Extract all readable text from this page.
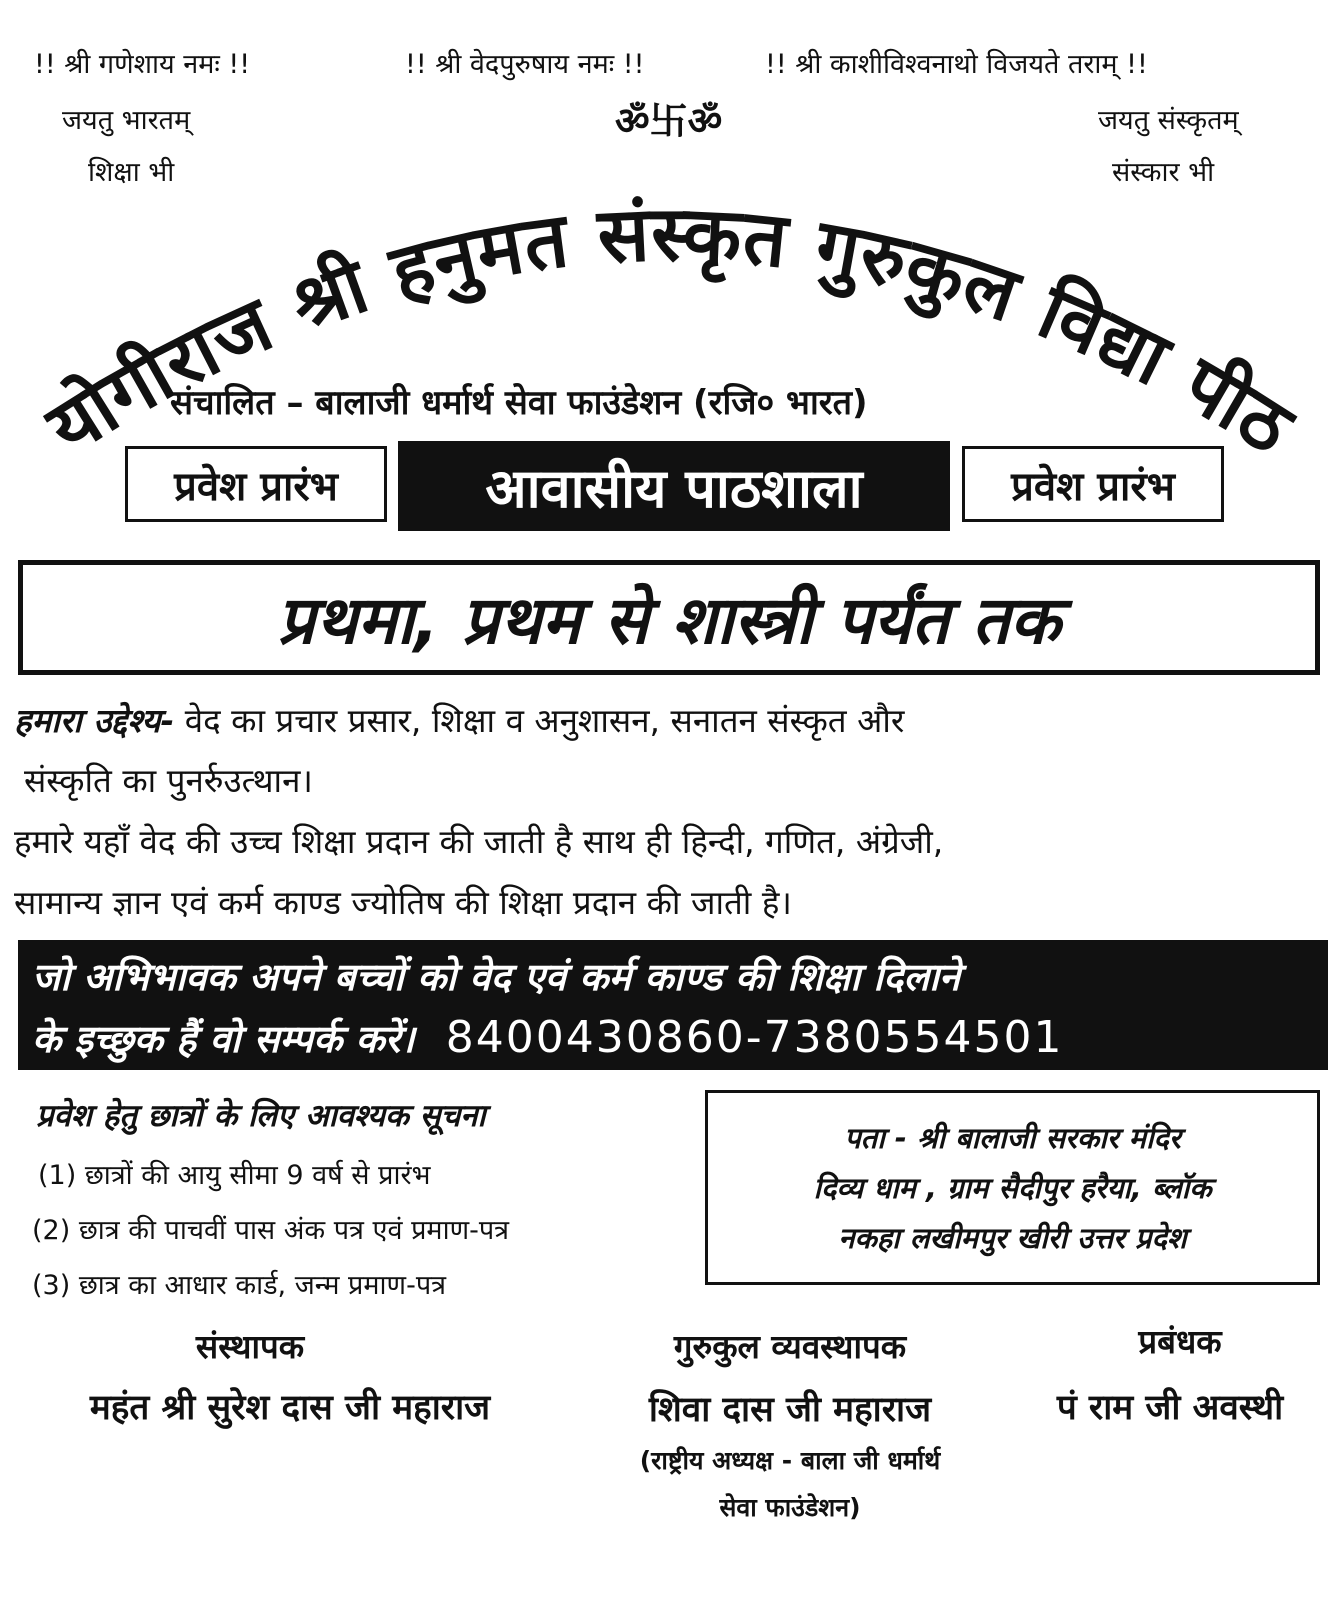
!! श्री गणेशाय नमः !!	!! श्री वेदपुरुषाय नमः !!	!! श्री काशीविश्वनाथो विजयते तराम् !!
जयतु भारतम्
शिक्षा भी
ॐ卐ॐ	जयतु संस्कृतम्
संस्कार भी
योगीराज श्री हनुमत संस्कृत गुरुकुल विद्या पीठ
संचालित – बालाजी धर्मार्थ सेवा फाउंडेशन (रजि० भारत)
प्रवेश प्रारंभ	आवासीय पाठशाला	प्रवेश प्रारंभ
प्रथमा, प्रथम से शास्त्री पर्यंत तक
हमारा उद्देश्य- वेद का प्रचार प्रसार, शिक्षा व अनुशासन, सनातन संस्कृत और
संस्कृति का पुनर्रुउत्थान।
हमारे यहाँ वेद की उच्च शिक्षा प्रदान की जाती है साथ ही हिन्दी, गणित, अंग्रेजी,
सामान्य ज्ञान एवं कर्म काण्ड ज्योतिष की शिक्षा प्रदान की जाती है।
जो अभिभावक अपने बच्चों को वेद एवं कर्म काण्ड की शिक्षा दिलाने
के इच्छुक हैं वो सम्पर्क करें। 8400430860-7380554501
प्रवेश हेतु छात्रों के लिए आवश्यक सूचना
(1) छात्रों की आयु सीमा 9 वर्ष से प्रारंभ
(2) छात्र की पाचवीं पास अंक पत्र एवं प्रमाण-पत्र
(3) छात्र का आधार कार्ड, जन्म प्रमाण-पत्र
पता - श्री बालाजी सरकार मंदिर
दिव्य धाम , ग्राम सैदीपुर हरैया, ब्लॉक
नकहा लखीमपुर खीरी उत्तर प्रदेश
संस्थापक
महंत श्री सुरेश दास जी महाराज
गुरुकुल व्यवस्थापक
शिवा दास जी महाराज
(राष्ट्रीय अध्यक्ष - बाला जी धर्मार्थ
सेवा फाउंडेशन)
प्रबंधक
पं राम जी अवस्थी
